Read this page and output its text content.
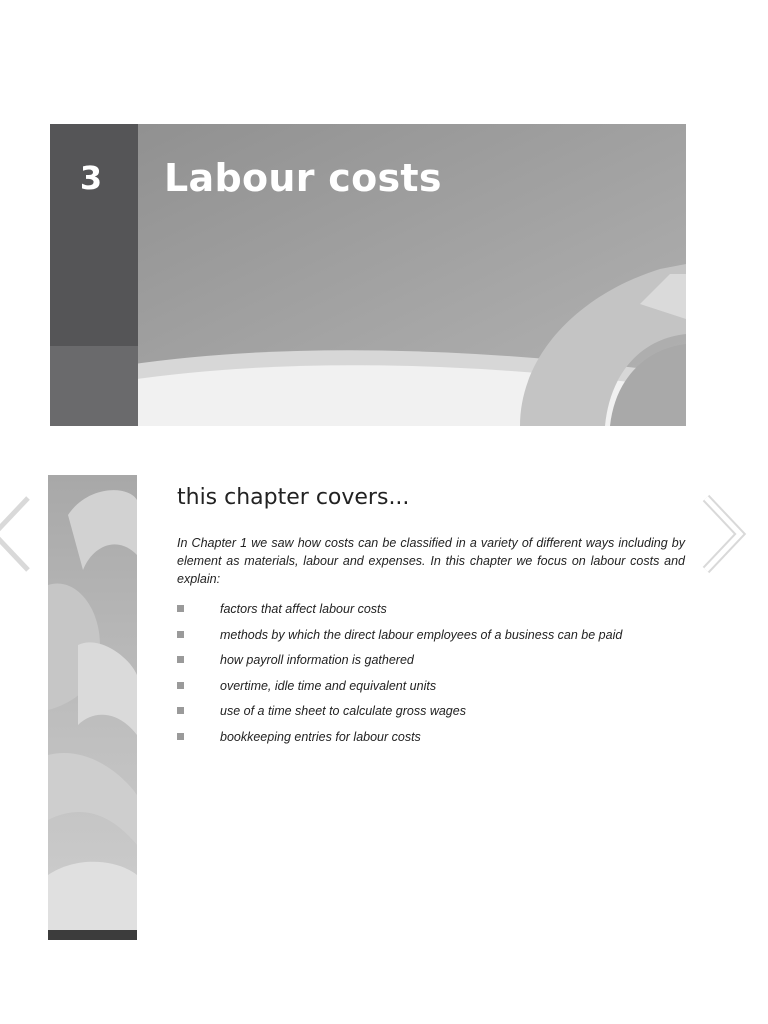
3	Labour costs
this chapter covers...

In Chapter 1 we saw how costs can be classified in a variety of different ways including by element as materials, labour and expenses. In this chapter we focus on labour costs and explain:

factors that affect labour costs
methods by which the direct labour employees of a business can be paid
how payroll information is gathered
overtime, idle time and equivalent units
use of a time sheet to calculate gross wages
bookkeeping entries for labour costs
